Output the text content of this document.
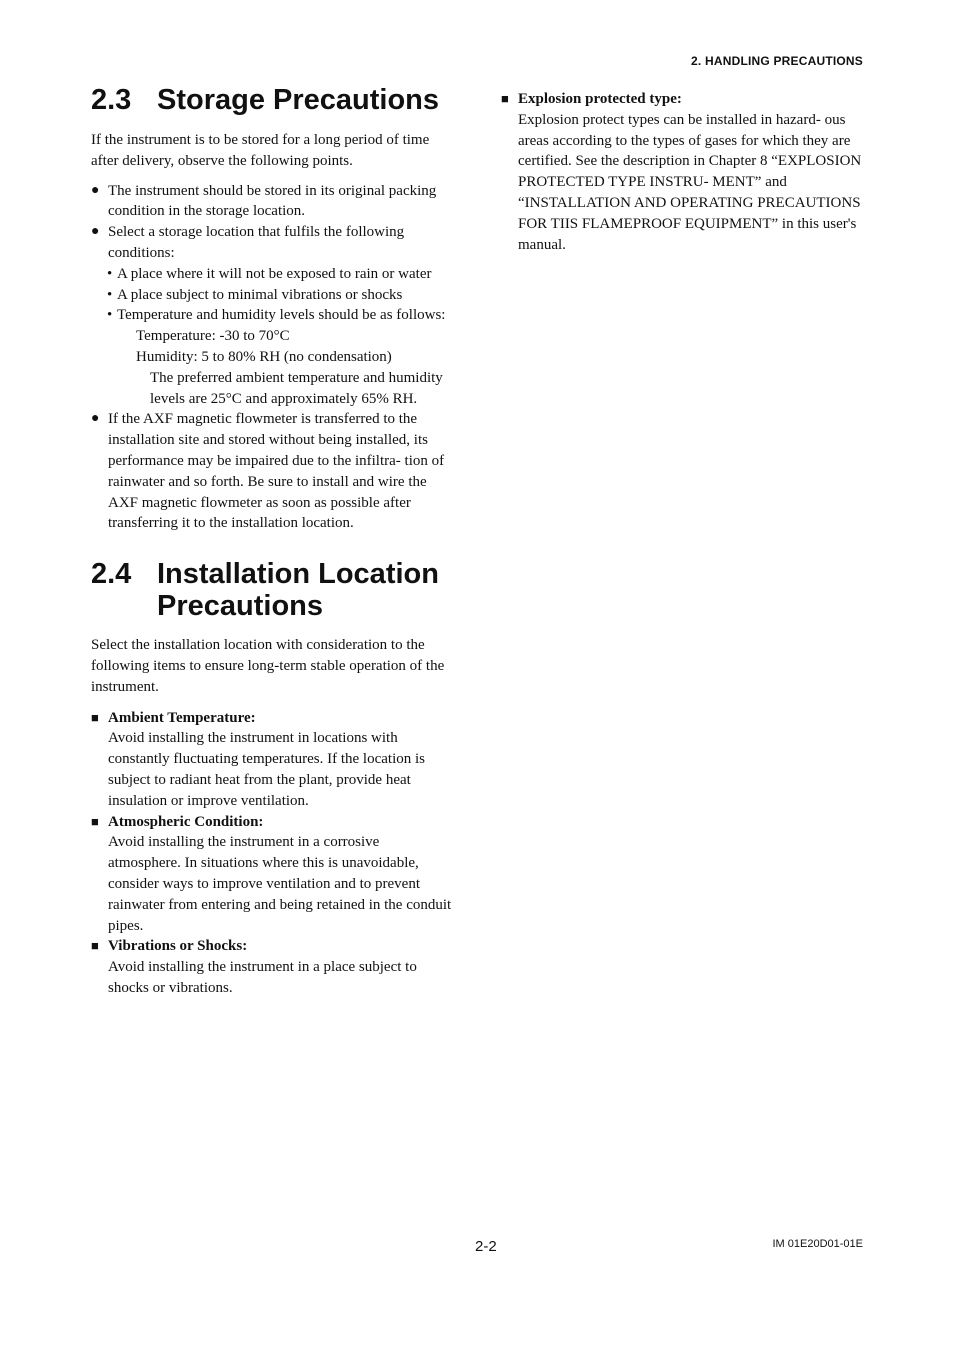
2. HANDLING PRECAUTIONS
2.3 Storage Precautions

If the instrument is to be stored for a long period of time after delivery, observe the following points.

● The instrument should be stored in its original packing condition in the storage location.
● Select a storage location that fulfils the following conditions:
• A place where it will not be exposed to rain or water
• A place subject to minimal vibrations or shocks
• Temperature and humidity levels should be as follows:

Temperature: -30 to 70°C

Humidity: 5 to 80% RH (no condensation)

The preferred ambient temperature and humidity levels are 25°C and approximately 65% RH.

● If the AXF magnetic flowmeter is transferred to the installation site and stored without being installed, its performance may be impaired due to the infiltra- tion of rainwater and so forth. Be sure to install and wire the AXF magnetic flowmeter as soon as possible after transferring it to the installation location.
2.4 Installation Location
Precautions

Select the installation location with consideration to the following items to ensure long-term stable operation of the instrument.

■ Ambient Temperature:

Avoid installing the instrument in locations with constantly fluctuating temperatures. If the location is subject to radiant heat from the plant, provide heat insulation or improve ventilation.

■ Atmospheric Condition:

Avoid installing the instrument in a corrosive atmosphere. In situations where this is unavoidable, consider ways to improve ventilation and to prevent rainwater from entering and being retained in the conduit pipes.

■ Vibrations or Shocks:

Avoid installing the instrument in a place subject to shocks or vibrations.

■ Explosion protected type:

Explosion protect types can be installed in hazard- ous areas according to the types of gases for which they are certified. See the description in Chapter 8 “EXPLOSION PROTECTED TYPE INSTRU- MENT” and “INSTALLATION AND OPERATING PRECAUTIONS FOR TIIS FLAMEPROOF EQUIPMENT” in this user's manual.

2-2	IM 01E20D01-01E
